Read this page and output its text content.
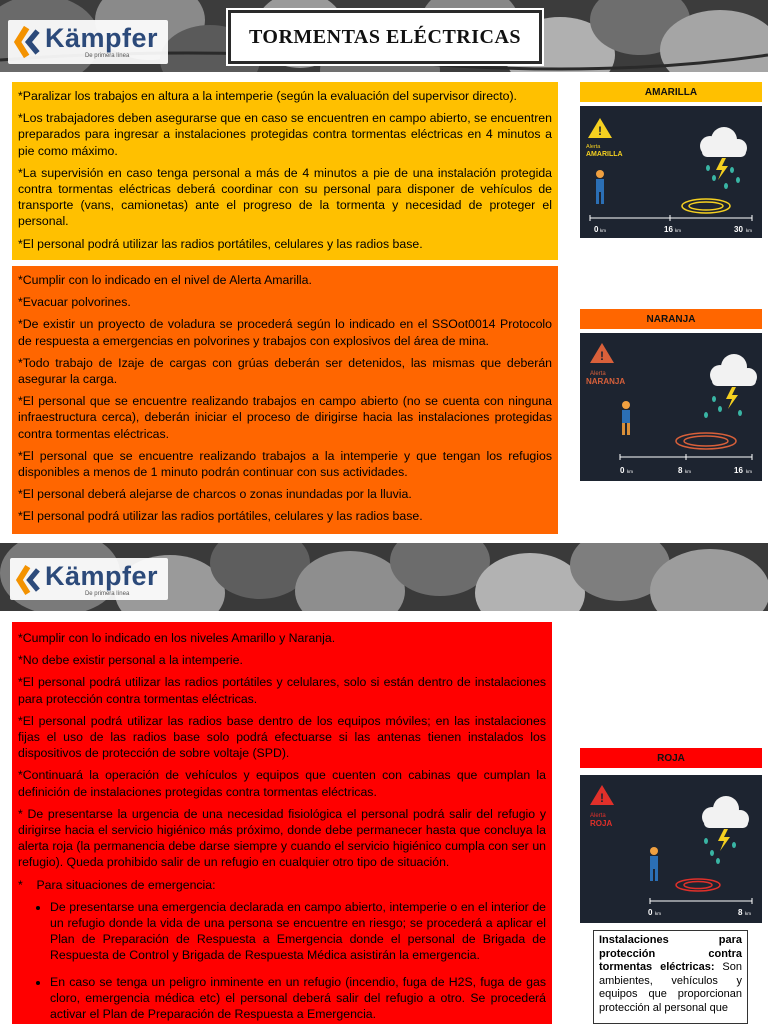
Kämpfer
De primera línea
TORMENTAS ELÉCTRICAS

*Paralizar los trabajos en altura a la intemperie (según la evaluación del supervisor directo).

*Los trabajadores deben asegurarse que en caso se encuentren en campo abierto, se encuentren preparados para ingresar a instalaciones protegidas contra tormentas eléctricas en 4 minutos a pie como máximo.

*La supervisión en caso tenga personal a más de 4 minutos a pie de una instalación protegida contra tormentas eléctricas deberá coordinar con su personal para disponer de vehículos de transporte (vans, camionetas) ante el progreso de la tormenta y necesidad de proteger el personal.

*El personal podrá utilizar las radios portátiles, celulares y las radios base.

AMARILLA
!
Alerta
AMARILLA
0 km	16 km	30 km

*Cumplir con lo indicado en el nivel de Alerta Amarilla.

*Evacuar polvorines.

*De existir un proyecto de voladura se procederá según lo indicado en el SSOot0014 Protocolo de respuesta a emergencias en polvorines y trabajos con explosivos del área de mina.

*Todo trabajo de Izaje de cargas con grúas deberán ser detenidos, las mismas que deberán asegurar la carga.

*El personal que se encuentre realizando trabajos en campo abierto (no se cuenta con ninguna infraestructura cerca), deberán iniciar el proceso de dirigirse hacia las instalaciones protegidas contra tormentas eléctricas.

*El personal que se encuentre realizando trabajos a la intemperie y que tengan los refugios disponibles a menos de 1 minuto podrán continuar con sus actividades.

*El personal deberá alejarse de charcos o zonas inundadas por la lluvia.

*El personal podrá utilizar las radios portátiles, celulares y las radios base.

NARANJA
!
Alerta
NARANJA
0 km	8 km	16 km
Kämpfer
De primera línea

*Cumplir con lo indicado en los niveles Amarillo y Naranja.

*No debe existir personal a la intemperie.

*El personal podrá utilizar las radios portátiles y celulares, solo si están dentro de instalaciones para protección contra tormentas eléctricas.

*El personal podrá utilizar las radios base dentro de los equipos móviles; en las instalaciones fijas el uso de las radios base solo podrá efectuarse si las antenas tienen instalados los dispositivos de protección de sobre voltaje (SPD).

*Continuará la operación de vehículos y equipos que cuenten con cabinas que cumplan la definición de instalaciones protegidas contra tormentas eléctricas.

* De presentarse la urgencia de una necesidad fisiológica el personal podrá salir del refugio y dirigirse hacia el servicio higiénico más próximo, donde debe permanecer hasta que concluya la alerta roja (la permanencia debe darse siempre y cuando el servicio higiénico cumpla con ser un refugio). Queda prohibido salir de un refugio en cualquier otro tipo de situación.

*    Para situaciones de emergencia:

• De presentarse una emergencia declarada en campo abierto, intemperie o en el interior de un refugio donde la vida de una persona se encuentre en riesgo; se procederá a aplicar el Plan de Preparación de Respuesta a Emergencia donde el personal de Brigada de Respuesta de Control y Brigada de Respuesta Médica asistirán la emergencia.
• En caso se tenga un peligro inminente en un refugio (incendio, fuga de H2S, fuga de gas cloro, emergencia médica etc) el personal deberá salir del refugio a otro. Se procederá activar el Plan de Preparación de Respuesta a Emergencia.
ROJA
!
Alerta
ROJA
0 km	8 km
Instalaciones para protección contra tormentas eléctricas: Son ambientes, vehículos y equipos que proporcionan protección al personal que
